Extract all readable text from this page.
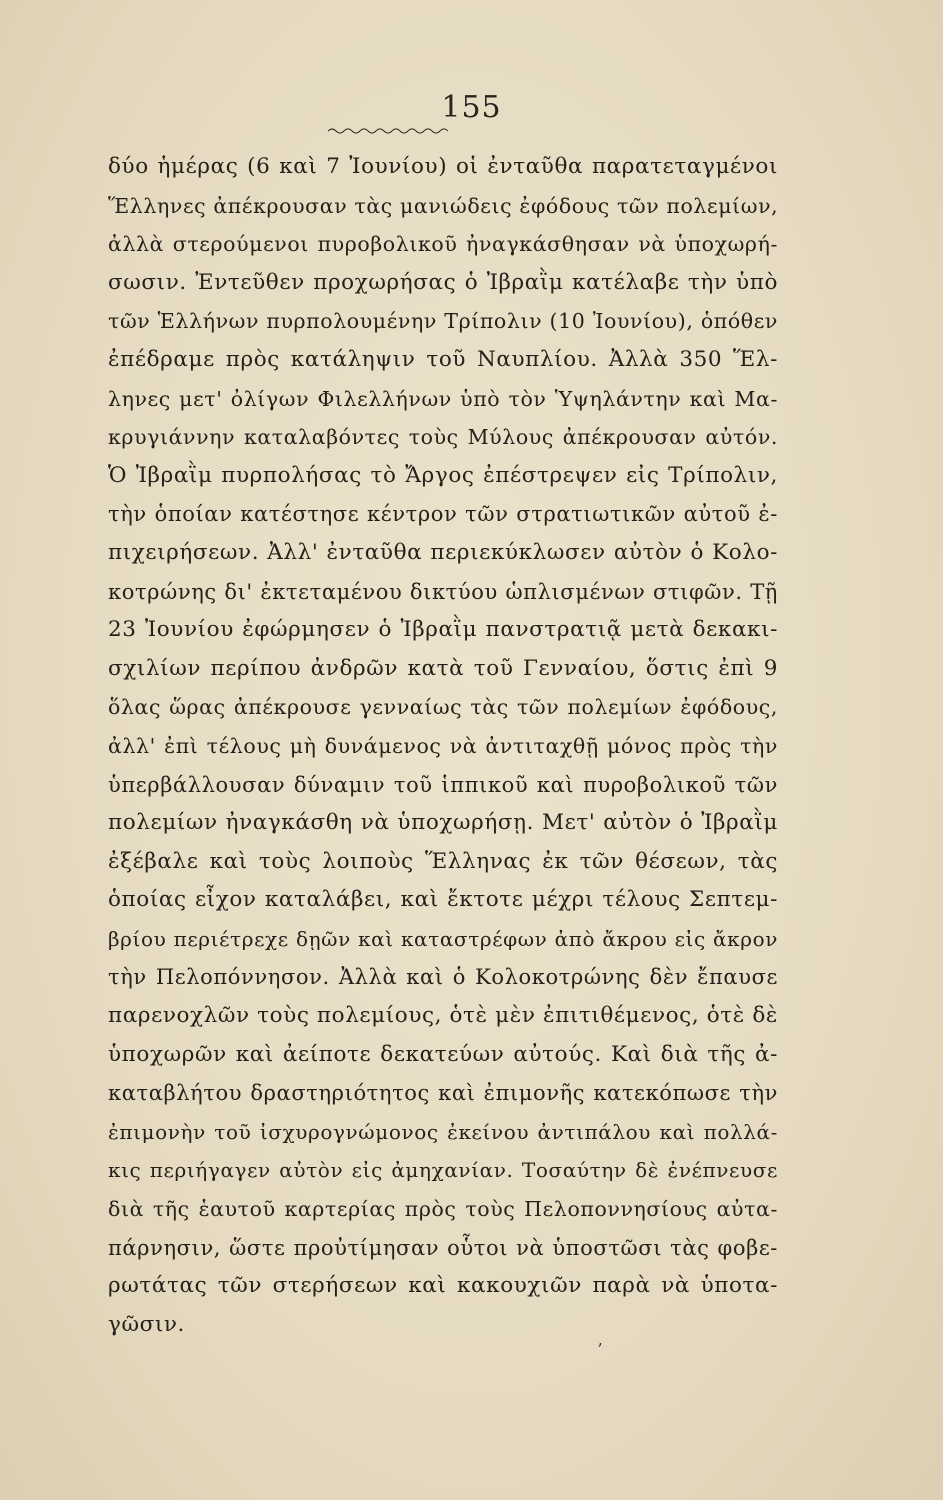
155
δύο ἡμέρας (6 καὶ 7 Ἰουνίου) οἱ ἐνταῦθα παρατεταγμένοι
Ἕλληνες ἀπέκρουσαν τὰς μανιώδεις ἐφόδους τῶν πολεμίων,
ἀλλὰ στερούμενοι πυροβολικοῦ ἠναγκάσθησαν νὰ ὑποχωρή-
σωσιν. Ἐντεῦθεν προχωρήσας ὁ Ἰβραῒμ κατέλαβε τὴν ὑπὸ
τῶν Ἑλλήνων πυρπολουμένην Τρίπολιν (10 Ἰουνίου), ὁπόθεν
ἐπέδραμε πρὸς κατάληψιν τοῦ Ναυπλίου. Ἀλλὰ 350 Ἕλ-
ληνες μετ' ὀλίγων Φιλελλήνων ὑπὸ τὸν Ὑψηλάντην καὶ Μα-
κρυγιάννην καταλαβόντες τοὺς Μύλους ἀπέκρουσαν αὐτόν.
Ὁ Ἰβραῒμ πυρπολήσας τὸ Ἄργος ἐπέστρεψεν εἰς Τρίπολιν,
τὴν ὁποίαν κατέστησε κέντρον τῶν στρατιωτικῶν αὐτοῦ ἐ-
πιχειρήσεων. Ἀλλ' ἐνταῦθα περιεκύκλωσεν αὐτὸν ὁ Κολο-
κοτρώνης δι' ἐκτεταμένου δικτύου ὡπλισμένων στιφῶν. Τῇ
23 Ἰουνίου ἐφώρμησεν ὁ Ἰβραῒμ πανστρατιᾷ μετὰ δεκακι-
σχιλίων περίπου ἀνδρῶν κατὰ τοῦ Γενναίου, ὅστις ἐπὶ 9
ὅλας ὥρας ἀπέκρουσε γενναίως τὰς τῶν πολεμίων ἐφόδους,
ἀλλ' ἐπὶ τέλους μὴ δυνάμενος νὰ ἀντιταχθῇ μόνος πρὸς τὴν
ὑπερβάλλουσαν δύναμιν τοῦ ἱππικοῦ καὶ πυροβολικοῦ τῶν
πολεμίων ἠναγκάσθη νὰ ὑποχωρήσῃ. Μετ' αὐτὸν ὁ Ἰβραῒμ
ἐξέβαλε καὶ τοὺς λοιποὺς Ἕλληνας ἐκ τῶν θέσεων, τὰς
ὁποίας εἶχον καταλάβει, καὶ ἔκτοτε μέχρι τέλους Σεπτεμ-
βρίου περιέτρεχε δῃῶν καὶ καταστρέφων ἀπὸ ἄκρου εἰς ἄκρον
τὴν Πελοπόννησον. Ἀλλὰ καὶ ὁ Κολοκοτρώνης δὲν ἔπαυσε
παρενοχλῶν τοὺς πολεμίους, ὁτὲ μὲν ἐπιτιθέμενος, ὁτὲ δὲ
ὑποχωρῶν καὶ ἀείποτε δεκατεύων αὐτούς. Καὶ διὰ τῆς ἀ-
καταβλήτου δραστηριότητος καὶ ἐπιμονῆς κατεκόπωσε τὴν
ἐπιμονὴν τοῦ ἰσχυρογνώμονος ἐκείνου ἀντιπάλου καὶ πολλά-
κις περιήγαγεν αὐτὸν εἰς ἀμηχανίαν. Τοσαύτην δὲ ἐνέπνευσε
διὰ τῆς ἑαυτοῦ καρτερίας πρὸς τοὺς Πελοποννησίους αὐτα-
πάρνησιν, ὥστε προὐτίμησαν οὗτοι νὰ ὑποστῶσι τὰς φοβε-
ρωτάτας τῶν στερήσεων καὶ κακουχιῶν παρὰ νὰ ὑποτα-
γῶσιν.
ʼ
